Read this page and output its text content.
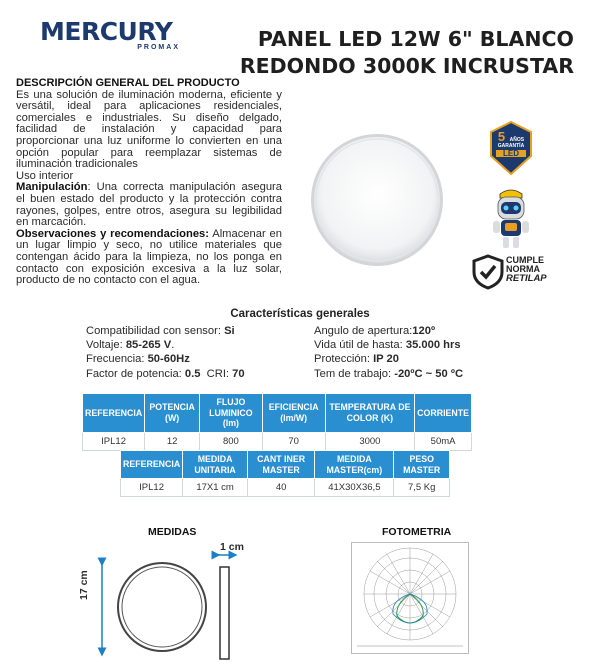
MERCURY
PROMAX	PANEL LED 12W 6" BLANCO
REDONDO 3000K INCRUSTAR
DESCRIPCIÓN GENERAL DEL PRODUCTO

Es una solución de iluminación moderna, eficiente y versátil, ideal para aplicaciones residenciales, comerciales e industriales. Su diseño delgado, facilidad de instalación y capacidad para proporcionar una luz uniforme lo convierten en una opción popular para reemplazar sistemas de iluminación tradicionales

Uso interior

Manipulación: Una correcta manipulación asegura el buen estado del producto y la protección contra rayones, golpes, entre otros, asegura su legibilidad en marcación.

Observaciones y recomendaciones: Almacenar en un lugar limpio y seco, no utilice materiales que contengan ácido para la limpieza, no los ponga en contacto con exposición excesiva a la luz solar, producto de no contacto con el agua.

5 AÑOS
GARANTÍA
LED
CUMPLE
NORMA
RETILAP
Características generales
Compatibilidad con sensor: Si
Voltaje: 85-265 V.
Frecuencia: 50-60Hz
Factor de potencia: 0.5  CRI: 70
Angulo de apertura:120º
Vida útil de hasta: 35.000 hrs
Protección: IP 20
Tem de trabajo: -20ºC ~ 50 ºC
REFERENCIA	POTENCIA (W)	FLUJO LUMINICO (lm)	EFICIENCIA (lm/W)	TEMPERATURA DE COLOR (K)	CORRIENTE
IPL12	12	800	70	3000	50mA
REFERENCIA	MEDIDA UNITARIA	CANT INER MASTER	MEDIDA MASTER(cm)	PESO MASTER
IPL12	17X1 cm	40	41X30X36,5	7,5 Kg
MEDIDAS
1 cm
17 cm
FOTOMETRIA
